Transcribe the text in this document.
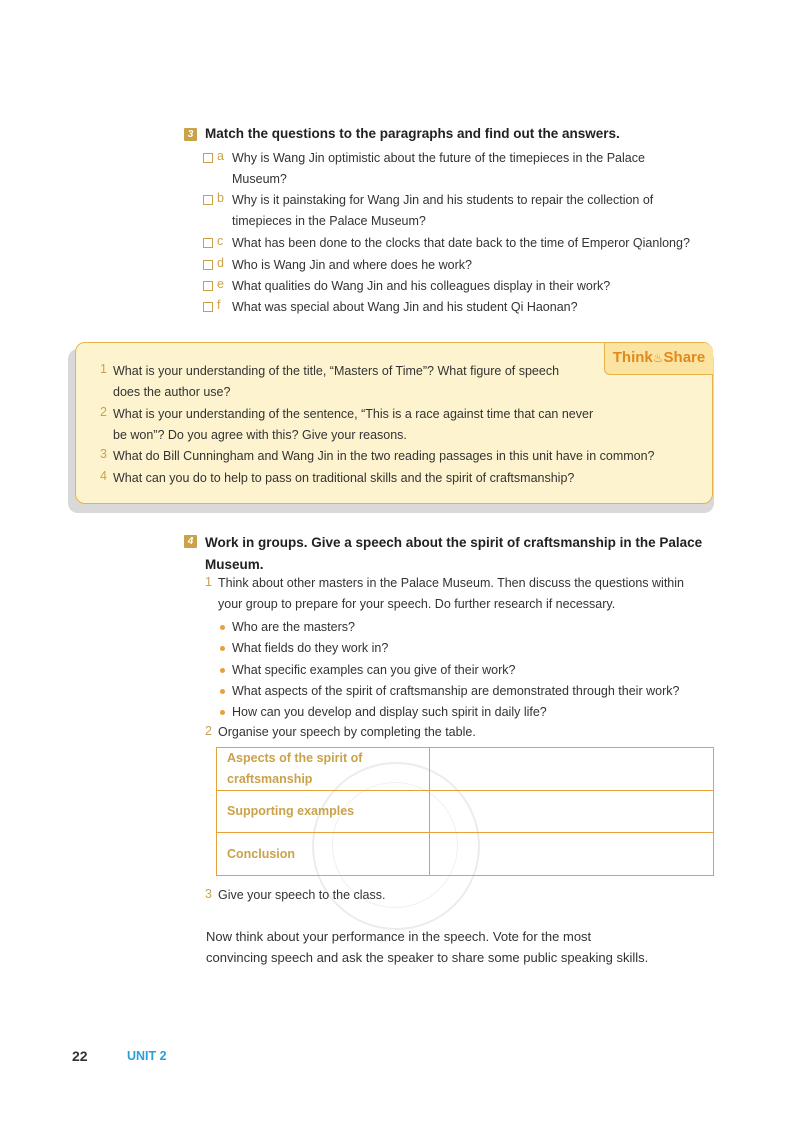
3 Match the questions to the paragraphs and find out the answers.
a Why is Wang Jin optimistic about the future of the timepieces in the Palace
Museum?
b Why is it painstaking for Wang Jin and his students to repair the collection of
timepieces in the Palace Museum?
c What has been done to the clocks that date back to the time of Emperor Qianlong?
d Who is Wang Jin and where does he work?
e What qualities do Wang Jin and his colleagues display in their work?
f What was special about Wang Jin and his student Qi Haonan?
Think♨Share
1 What is your understanding of the title, “Masters of Time”? What figure of speech
does the author use?
2 What is your understanding of the sentence, “This is a race against time that can never
be won”? Do you agree with this? Give your reasons.
3 What do Bill Cunningham and Wang Jin in the two reading passages in this unit have in common?
4 What can you do to help to pass on traditional skills and the spirit of craftsmanship?
4 Work in groups. Give a speech about the spirit of craftsmanship in the Palace
Museum.
1 Think about other masters in the Palace Museum. Then discuss the questions within
your group to prepare for your speech. Do further research if necessary.
Who are the masters?
What fields do they work in?
What specific examples can you give of their work?
What aspects of the spirit of craftsmanship are demonstrated through their work?
How can you develop and display such spirit in daily life?
2 Organise your speech by completing the table.
Aspects of the spirit of
craftsmanship	

Supporting examples	
Conclusion	
3 Give your speech to the class.
Now think about your performance in the speech. Vote for the most
convincing speech and ask the speaker to share some public speaking skills.
22	UNIT 2
